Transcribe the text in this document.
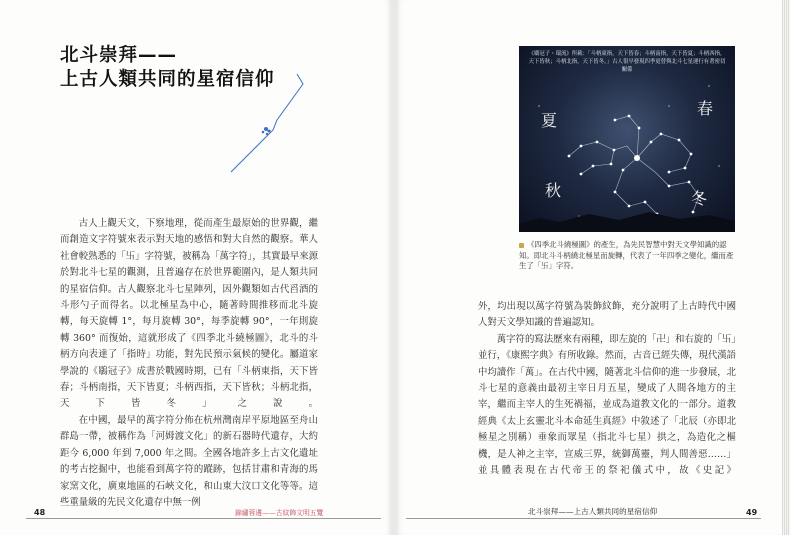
北斗崇拜——
上古人類共同的星宿信仰

古人上觀天文，下察地理，從而產生最原始的世界觀，繼而創造文字符號來表示對天地的感悟和對大自然的觀察。華人社會較熟悉的「卐」字符號，被稱為「萬字符」，其實最早來源於對北斗七星的觀測，且普遍存在於世界範圍內，是人類共同的星宿信仰。古人觀察北斗七星陣列，因外觀類如古代舀酒的斗形勺子而得名。以北極星為中心，隨著時間推移而北斗旋轉，每天旋轉 1°，每月旋轉 30°，每季旋轉 90°，一年則旋轉 360° 而復始，這就形成了《四季北斗繞極圖》，北斗的斗柄方向表達了「指時」功能，對先民預示氣候的變化。屬道家學說的《鶡冠子》成書於戰國時期，已有「斗柄東指，天下皆春；斗柄南指，天下皆夏；斗柄西指，天下皆秋；斗柄北指，天下皆冬」之說。

在中國，最早的萬字符分佈在杭州灣南岸平原地區至舟山群島一帶，被稱作為「河姆渡文化」的新石器時代遺存，大約距今 6,000 年到 7,000 年之間。全國各地許多上古文化遺址的考古挖掘中，也能看到萬字符的蹤跡，包括甘肅和青海的馬家窯文化，廣東地區的石峽文化，和山東大汶口文化等等。這些重量級的先民文化遺存中無一例

《鶡冠子・環流》所載：「斗柄東指，天下皆春；斗柄南指，天下皆夏；斗柄西指，天下皆秋；斗柄北指，天下皆冬。」古人很早發現四季更替與北斗七星運行有著密切關係
夏
春
秋	冬
《四季北斗繞極圖》的產生，為先民智慧中對天文學知識的認知。即北斗斗柄繞北極星而旋轉，代表了一年四季之變化，繼而產生了「卐」字符。

外，均出現以萬字符號為裝飾紋飾，充分說明了上古時代中國人對天文學知識的普遍認知。

萬字符的寫法歷來有兩種，即左旋的「卍」和右旋的「卐」並行，《康熙字典》有所收錄。然而，古音已經失傳，現代漢語中均讀作「萬」。在古代中國，隨著北斗信仰的進一步發展，北斗七星的意義由最初主宰日月五星，變成了人間各地方的主宰，繼而主宰人的生死禍福，並成為道教文化的一部分。道教經典《太上玄靈北斗本命延生真經》中敘述了「北辰（亦即北極星之別稱）垂象而眾星（指北斗七星）拱之，為造化之樞機，是人神之主宰，宣威三界，統御萬靈，判人間善惡……」並具體表現在古代帝王的祭祀儀式中，故《史記》

48	錦繡蓉邊——古紋飾文明五覽	北斗崇拜——上古人類共同的星宿信仰	49
